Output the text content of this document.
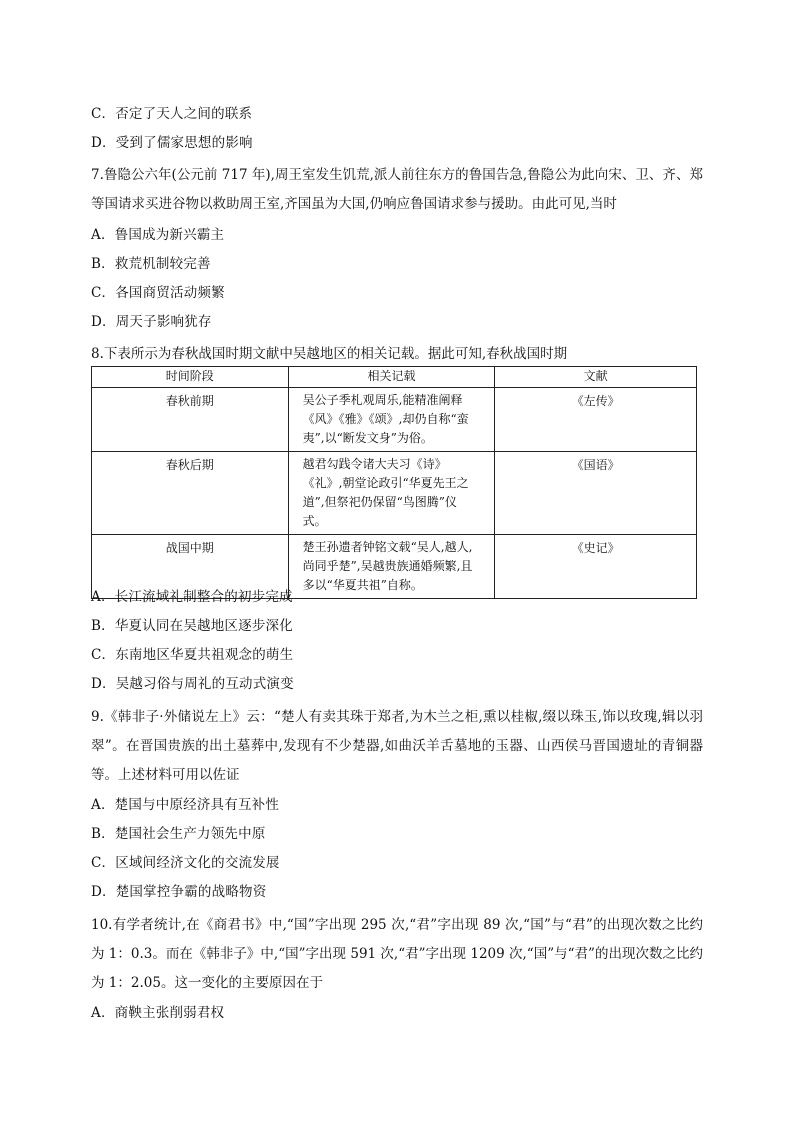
C．否定了天人之间的联系
D．受到了儒家思想的影响
7.鲁隐公六年(公元前 717 年),周王室发生饥荒,派人前往东方的鲁国告急,鲁隐公为此向宋、卫、齐、郑等国请求买进谷物以救助周王室,齐国虽为大国,仍响应鲁国请求参与援助。由此可见,当时
A．鲁国成为新兴霸主
B．救荒机制较完善
C．各国商贸活动频繁
D．周天子影响犹存
8.下表所示为春秋战国时期文献中吴越地区的相关记载。据此可知,春秋战国时期
时间阶段	相关记载	文献
春秋前期	吴公子季札观周乐,能精准阐释《风》《雅》《颂》,却仍自称“蛮夷”,以“断发文身”为俗。	《左传》
春秋后期	越君勾践令诸大夫习《诗》《礼》,朝堂论政引“华夏先王之道”,但祭祀仍保留“鸟图腾”仪式。	《国语》
战国中期	楚王孙遗者钟铭文载“吴人,越人,尚同乎楚”,吴越贵族通婚频繁,且多以“华夏共祖”自称。	《史记》
A．长江流域礼制整合的初步完成
B．华夏认同在吴越地区逐步深化
C．东南地区华夏共祖观念的萌生
D．吴越习俗与周礼的互动式演变
9.《韩非子·外储说左上》云：“楚人有卖其珠于郑者,为木兰之柜,熏以桂椒,缀以珠玉,饰以玫瑰,辑以羽翠”。在晋国贵族的出土墓葬中,发现有不少楚器,如曲沃羊舌墓地的玉器、山西侯马晋国遗址的青铜器等。上述材料可用以佐证
A．楚国与中原经济具有互补性
B．楚国社会生产力领先中原
C．区域间经济文化的交流发展
D．楚国掌控争霸的战略物资
10.有学者统计,在《商君书》中,“国”字出现 295 次,“君”字出现 89 次,“国”与“君”的出现次数之比约为 1：0.3。而在《韩非子》中,“国”字出现 591 次,“君”字出现 1209 次,“国”与“君”的出现次数之比约为 1：2.05。这一变化的主要原因在于
A．商鞅主张削弱君权
